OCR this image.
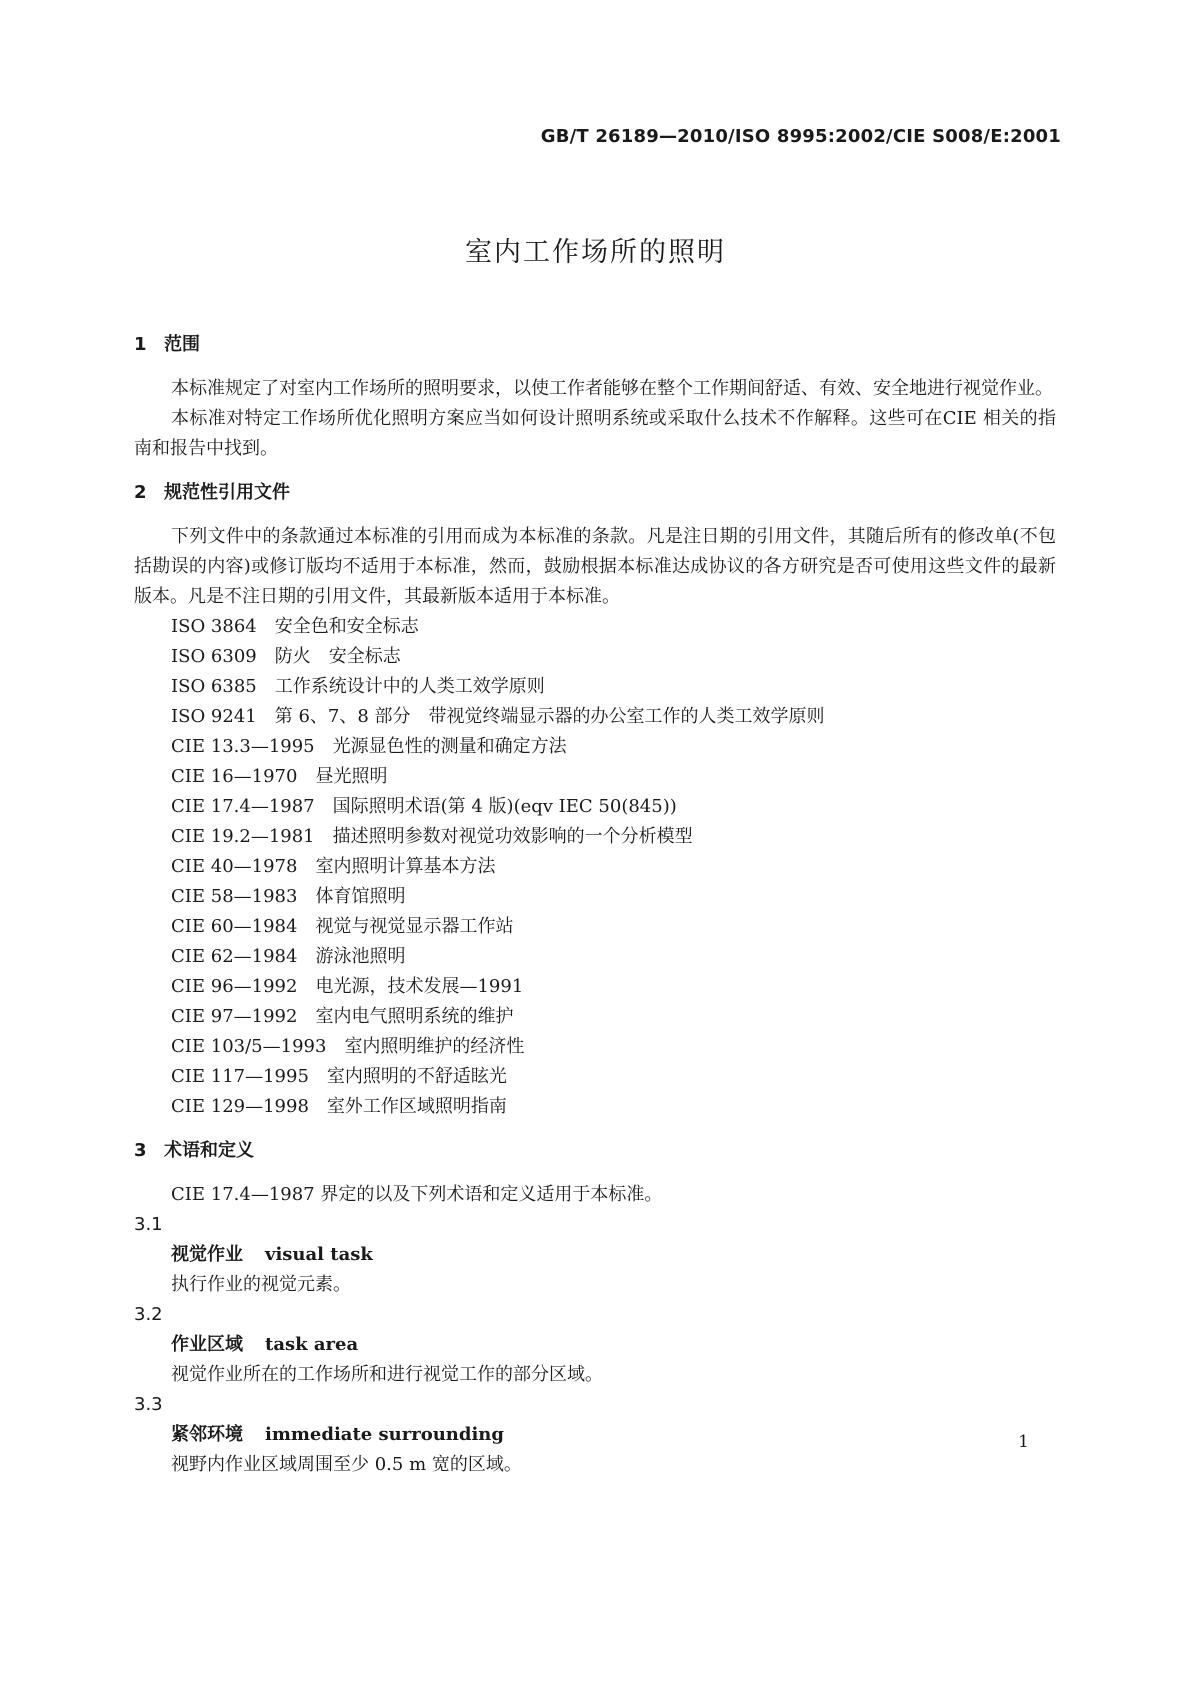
GB/T 26189—2010/ISO 8995:2002/CIE S008/E:2001
室内工作场所的照明
1 范围

本标准规定了对室内工作场所的照明要求，以使工作者能够在整个工作期间舒适、有效、安全地进行视觉作业。

本标准对特定工作场所优化照明方案应当如何设计照明系统或采取什么技术不作解释。这些可在CIE 相关的指南和报告中找到。

2 规范性引用文件

下列文件中的条款通过本标准的引用而成为本标准的条款。凡是注日期的引用文件，其随后所有的修改单(不包括勘误的内容)或修订版均不适用于本标准，然而，鼓励根据本标准达成协议的各方研究是否可使用这些文件的最新版本。凡是不注日期的引用文件，其最新版本适用于本标准。

ISO 3864 安全色和安全标志
ISO 6309 防火　安全标志
ISO 6385 工作系统设计中的人类工效学原则
ISO 9241 第 6、7、8 部分　带视觉终端显示器的办公室工作的人类工效学原则
CIE 13.3—1995 光源显色性的测量和确定方法
CIE 16—1970 昼光照明
CIE 17.4—1987 国际照明术语(第 4 版)(eqv IEC 50(845))
CIE 19.2—1981 描述照明参数对视觉功效影响的一个分析模型
CIE 40—1978 室内照明计算基本方法
CIE 58—1983 体育馆照明
CIE 60—1984 视觉与视觉显示器工作站
CIE 62—1984 游泳池照明
CIE 96—1992 电光源，技术发展—1991
CIE 97—1992 室内电气照明系统的维护
CIE 103/5—1993 室内照明维护的经济性
CIE 117—1995 室内照明的不舒适眩光
CIE 129—1998 室外工作区域照明指南
3 术语和定义

CIE 17.4—1987 界定的以及下列术语和定义适用于本标准。

3.1
视觉作业 visual task
执行作业的视觉元素。
3.2
作业区域 task area
视觉作业所在的工作场所和进行视觉工作的部分区域。
3.3
紧邻环境 immediate surrounding
视野内作业区域周围至少 0.5 m 宽的区域。
1
